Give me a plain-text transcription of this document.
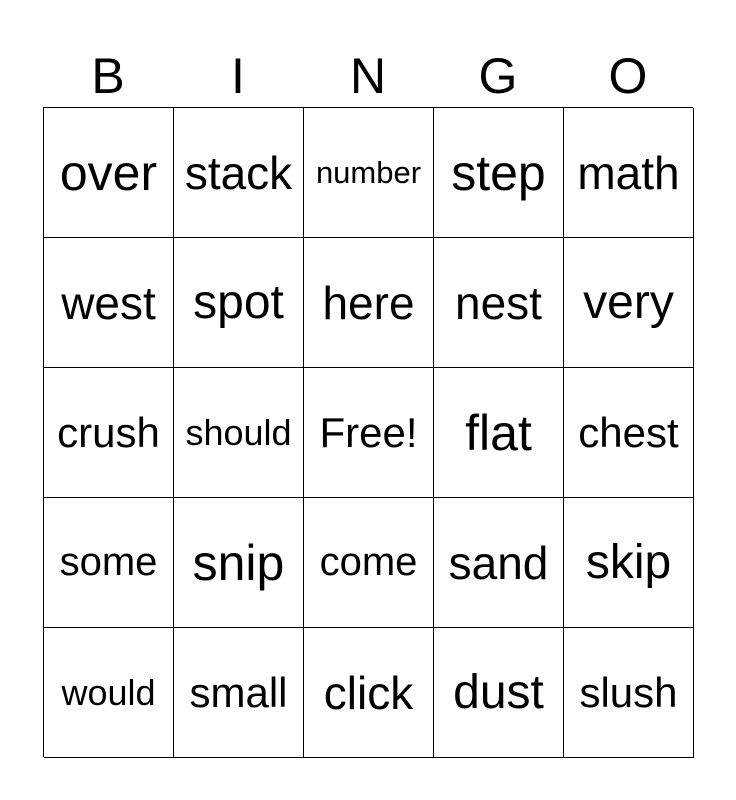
B	I	N	G	O
over stack number step math
west spot here nest very
crush should Free! flat	chest
some snip come sand skip
would small click dust slush
